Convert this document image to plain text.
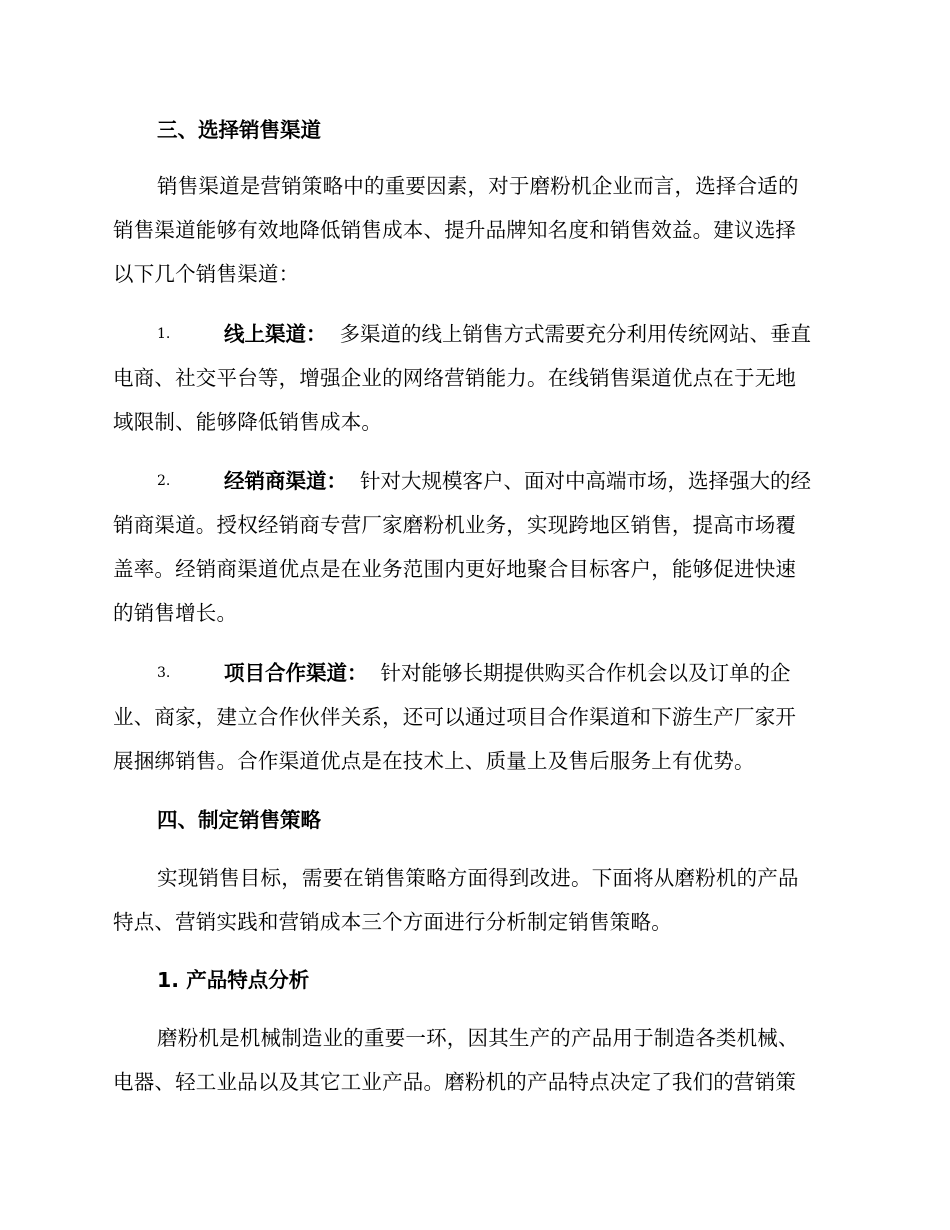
三、选择销售渠道
销售渠道是营销策略中的重要因素，对于磨粉机企业而言，选择合适的
销售渠道能够有效地降低销售成本、提升品牌知名度和销售效益。建议选择
以下几个销售渠道：
1.	线上渠道： 多渠道的线上销售方式需要充分利用传统网站、垂直
电商、社交平台等，增强企业的网络营销能力。在线销售渠道优点在于无地
域限制、能够降低销售成本。
2.	经销商渠道： 针对大规模客户、面对中高端市场，选择强大的经
销商渠道。授权经销商专营厂家磨粉机业务，实现跨地区销售，提高市场覆
盖率。经销商渠道优点是在业务范围内更好地聚合目标客户，能够促进快速
的销售增长。
3.	项目合作渠道： 针对能够长期提供购买合作机会以及订单的企
业、商家，建立合作伙伴关系，还可以通过项目合作渠道和下游生产厂家开
展捆绑销售。合作渠道优点是在技术上、质量上及售后服务上有优势。
四、制定销售策略
实现销售目标，需要在销售策略方面得到改进。下面将从磨粉机的产品
特点、营销实践和营销成本三个方面进行分析制定销售策略。
1. 产品特点分析
磨粉机是机械制造业的重要一环，因其生产的产品用于制造各类机械、
电器、轻工业品以及其它工业产品。磨粉机的产品特点决定了我们的营销策
